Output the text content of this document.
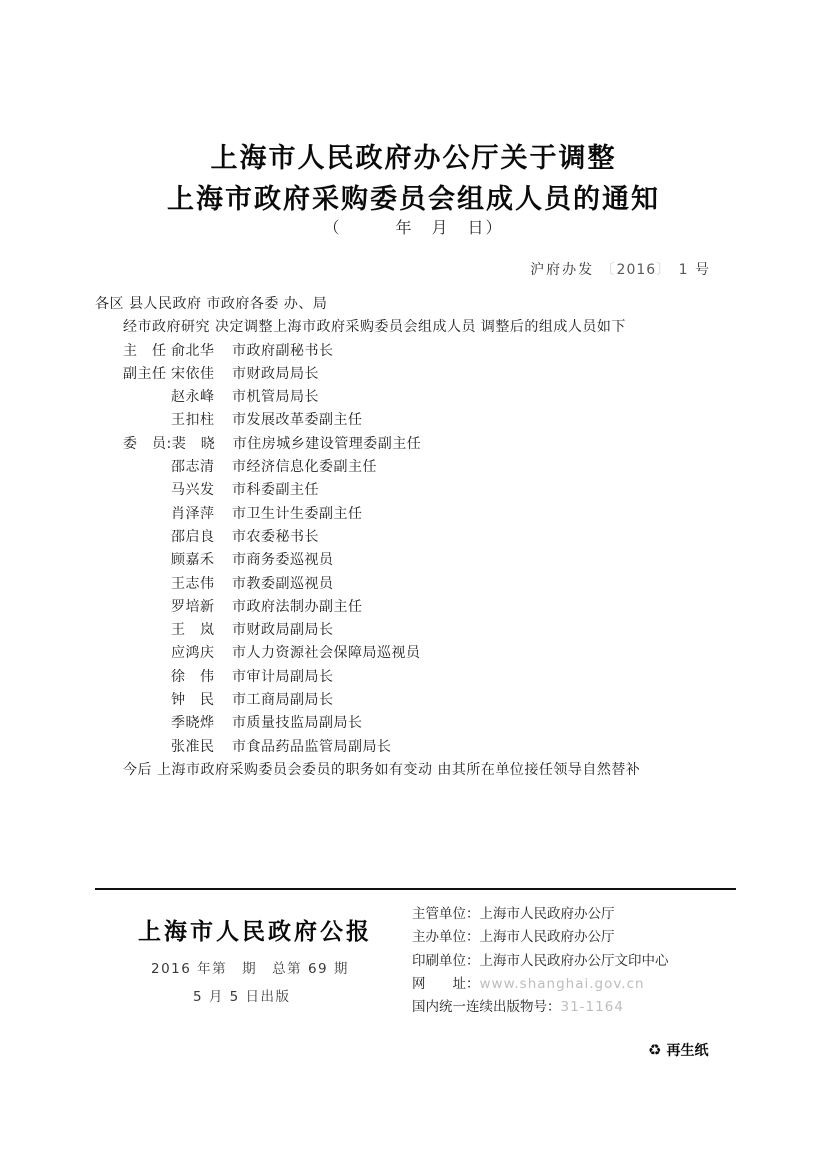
上海市人民政府办公厅关于调整
上海市政府采购委员会组成人员的通知
（　　　年　月　日）
沪府办发 〔2016〕 1 号
各区 县人民政府 市政府各委 办、局
经市政府研究 决定调整上海市政府采购委员会组成人员 调整后的组成人员如下
主　任 俞北华	市政府副秘书长
副主任 宋依佳	市财政局局长
赵永峰	市机管局局长
王扣柱	市发展改革委副主任
委　员: 裴　晓	市住房城乡建设管理委副主任
邵志清	市经济信息化委副主任
马兴发	市科委副主任
肖泽萍	市卫生计生委副主任
邵启良	市农委秘书长
顾嘉禾	市商务委巡视员
王志伟	市教委副巡视员
罗培新	市政府法制办副主任
王　岚	市财政局副局长
应鸿庆	市人力资源社会保障局巡视员
徐　伟	市审计局副局长
钟　民	市工商局副局长
季晓烨	市质量技监局副局长
张准民	市食品药品监管局副局长
今后 上海市政府采购委员会委员的职务如有变动 由其所在单位接任领导自然替补
上海市人民政府公报
2016 年第　期　总第 69 期
5 月 5 日出版
主管单位：上海市人民政府办公厅
主办单位：上海市人民政府办公厅
印刷单位：上海市人民政府办公厅文印中心
网　　址：www.shanghai.gov.cn
国内统一连续出版物号：31-1164
♻ 再生纸
